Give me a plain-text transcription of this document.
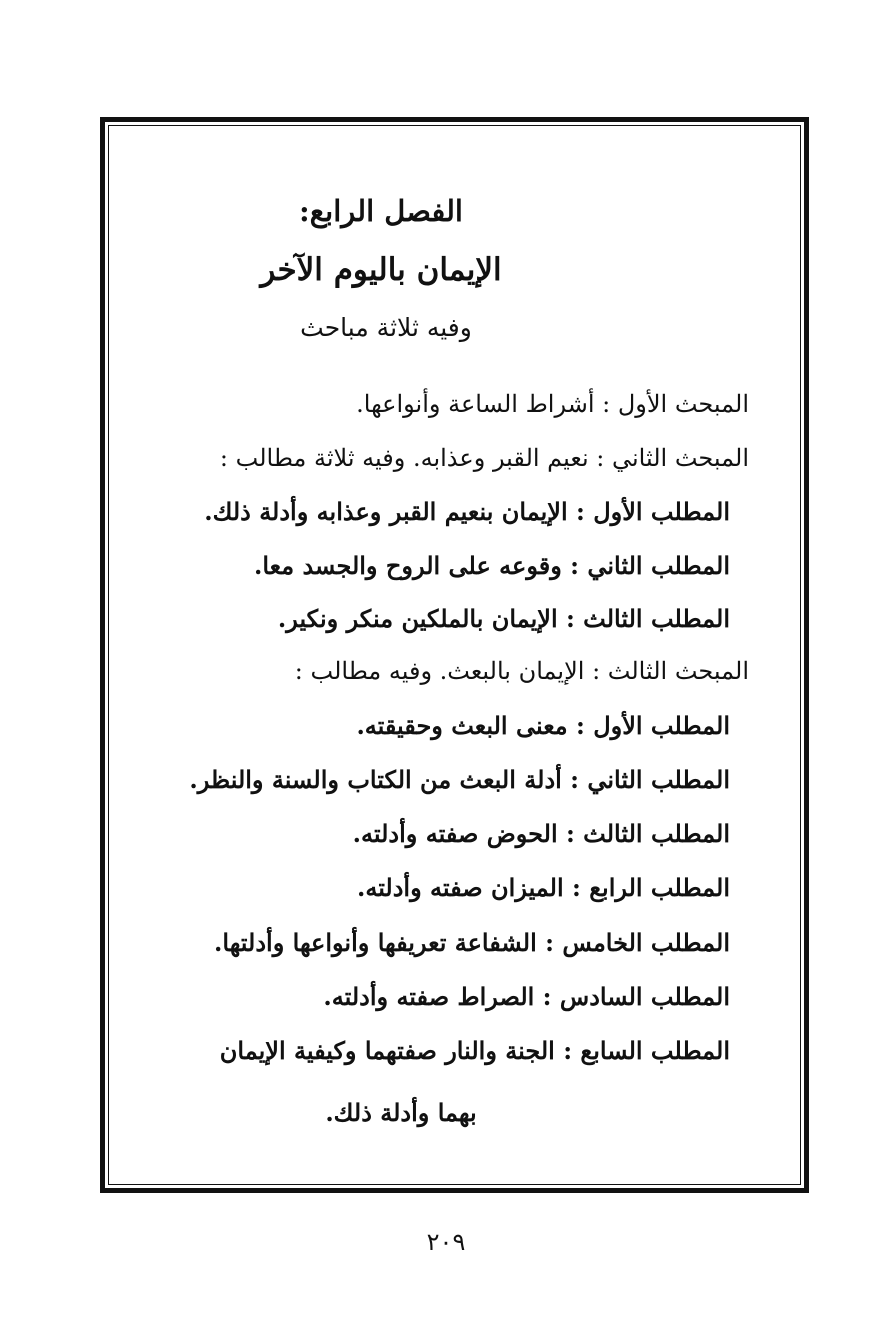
الفصل الرابع:
الإيمان باليوم الآخر
وفيه ثلاثة مباحث
المبحث الأول : أشراط الساعة وأنواعها.
المبحث الثاني : نعيم القبر وعذابه. وفيه ثلاثة مطالب :
المطلب الأول : الإيمان بنعيم القبر وعذابه وأدلة ذلك.
المطلب الثاني : وقوعه على الروح والجسد معا.
المطلب الثالث : الإيمان بالملكين منكر ونكير.
المبحث الثالث : الإيمان بالبعث. وفيه مطالب :
المطلب الأول : معنى البعث وحقيقته.
المطلب الثاني : أدلة البعث من الكتاب والسنة والنظر.
المطلب الثالث : الحوض صفته وأدلته.
المطلب الرابع : الميزان صفته وأدلته.
المطلب الخامس : الشفاعة تعريفها وأنواعها وأدلتها.
المطلب السادس : الصراط صفته وأدلته.
المطلب السابع : الجنة والنار صفتهما وكيفية الإيمان
بهما وأدلة ذلك.
٢٠٩
